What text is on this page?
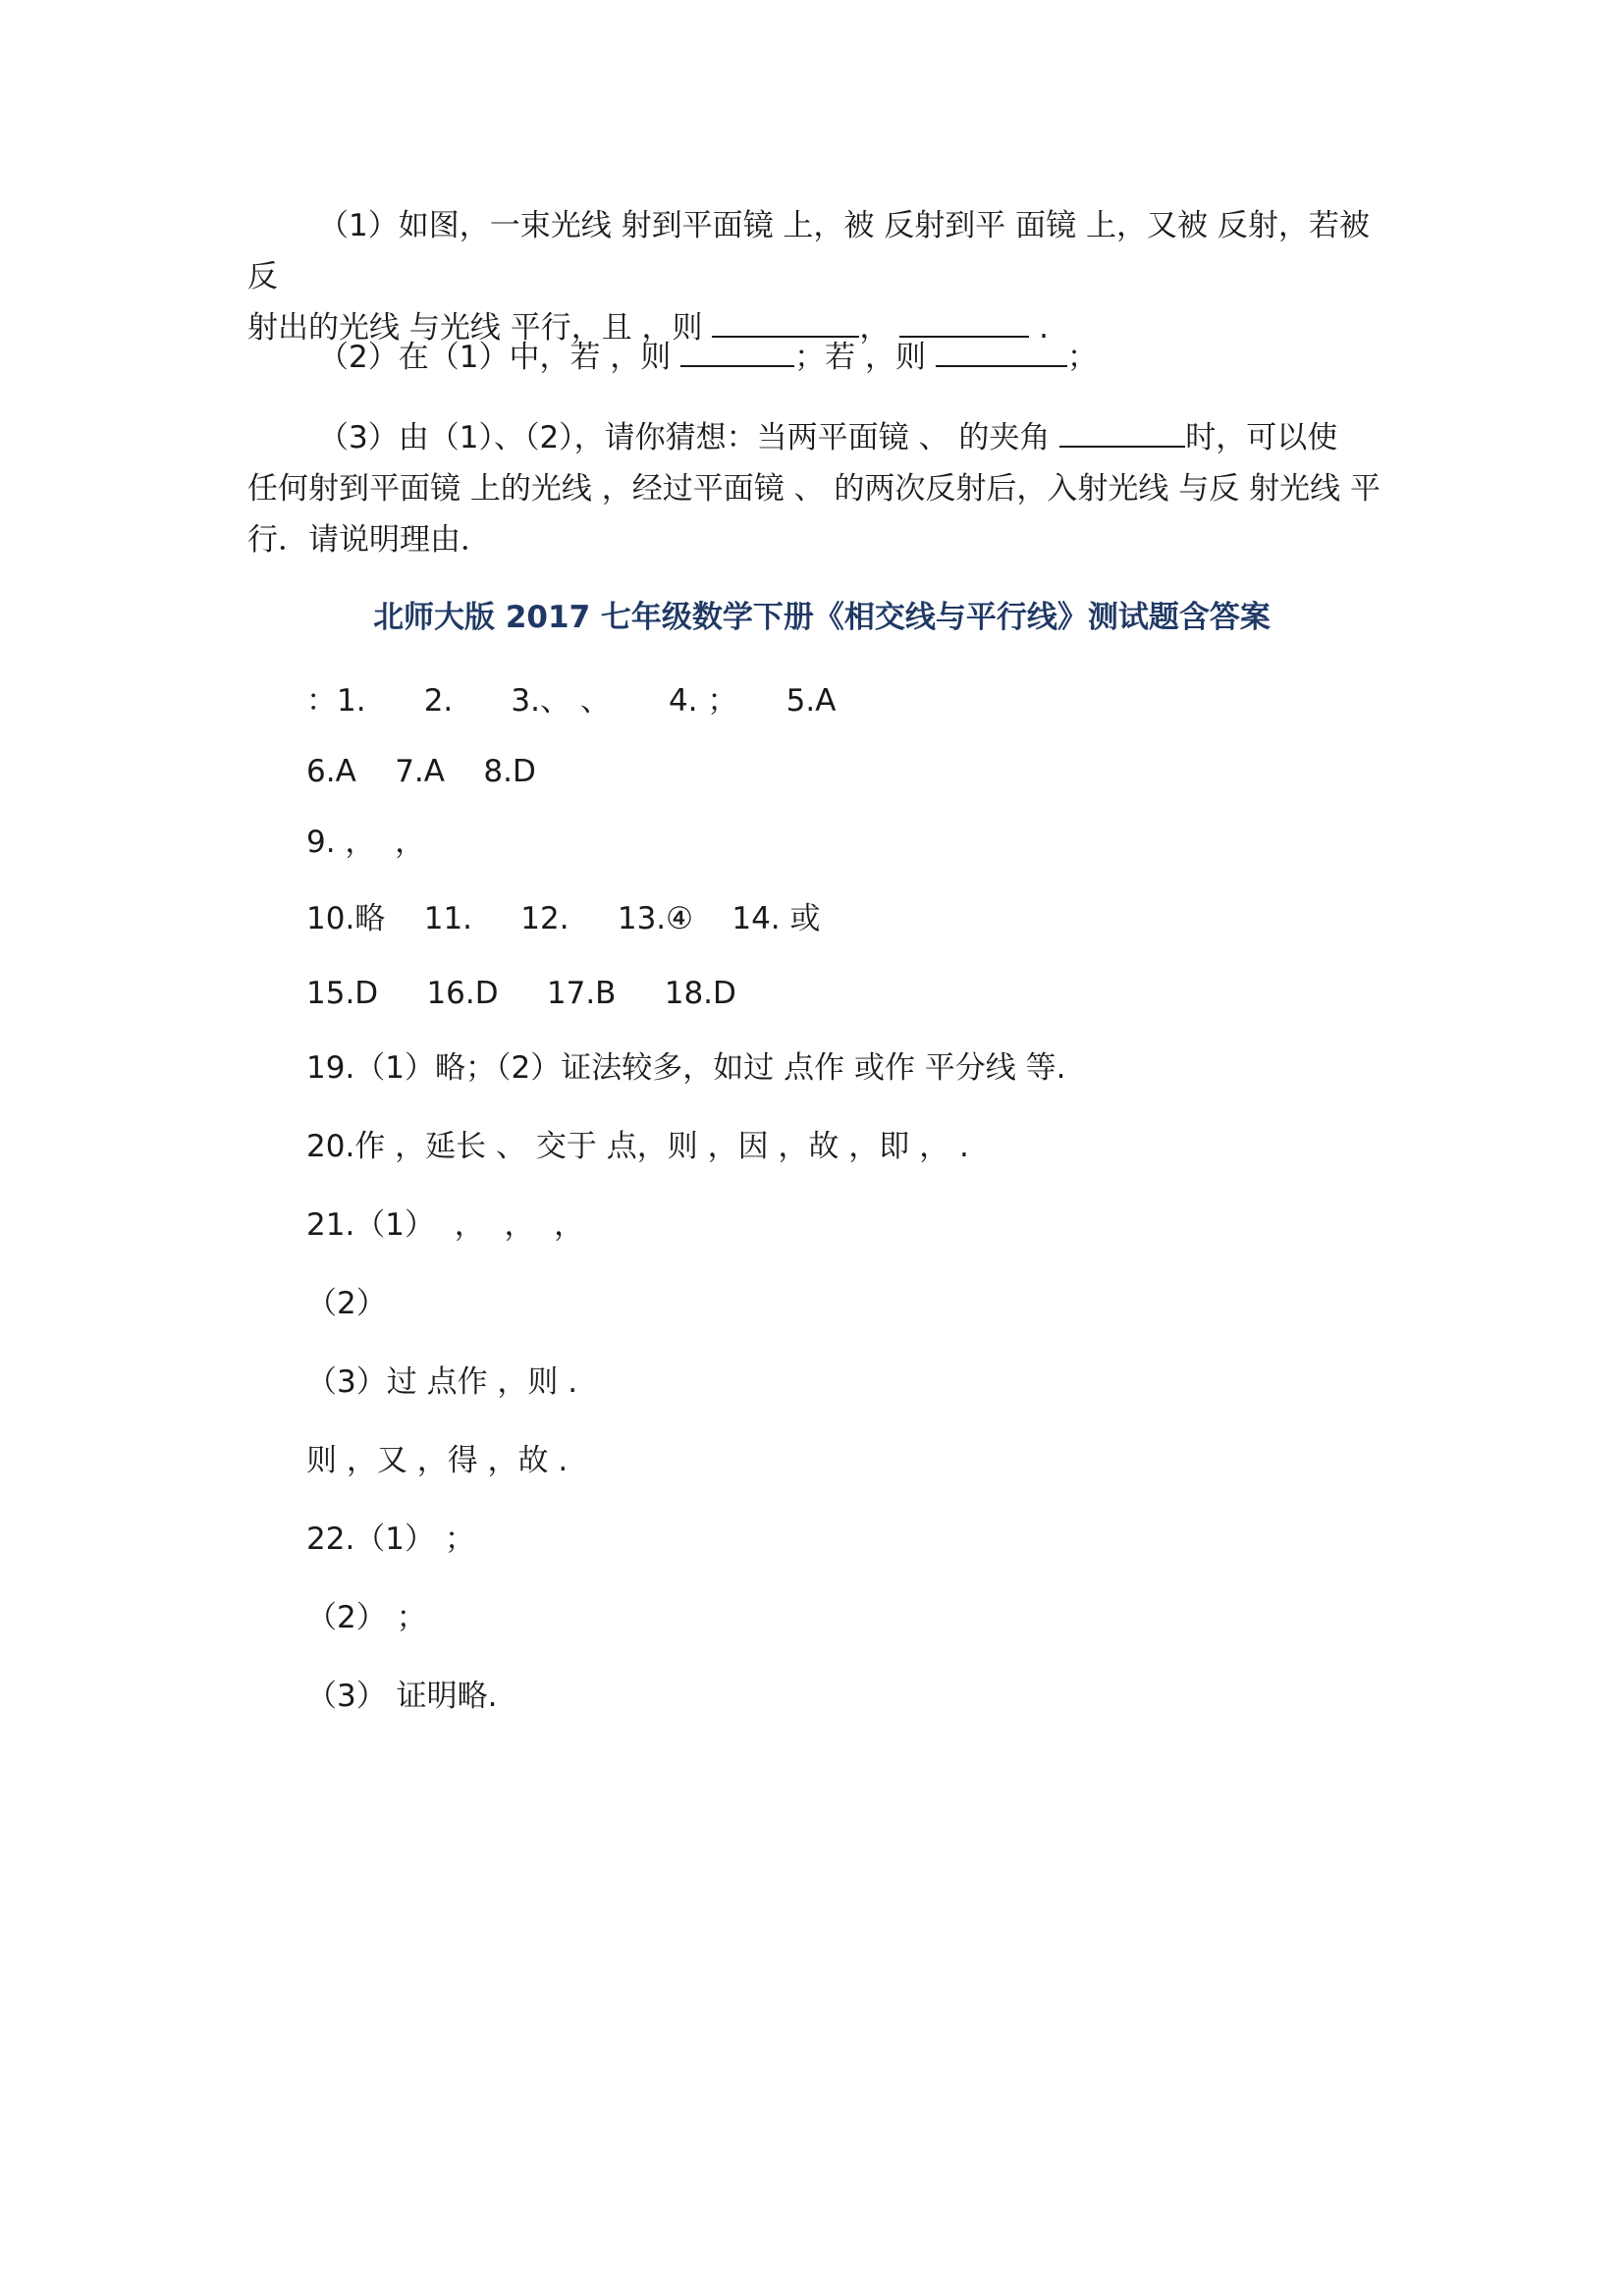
（1）如图，一束光线 射到平面镜 上，被 反射到平 面镜 上，又被 反射，若被 反
射出的光线 与光线 平行，且 ，则	，	.

（2）在（1）中，若 ，则	；若 ，则	；

（3）由（1）、（2），请你猜想：当两平面镜 、 的夹角	时，可以使
任何射到平面镜 上的光线 ，经过平面镜 、 的两次反射后，入射光线 与反 射光线 平
行．请说明理由．

北师大版 2017 七年级数学下册《相交线与平行线》测试题含答案

：1.      2.      3.、 、      4. ；     5.A

6.A    7.A    8.D

9. ，  ，

10.略    11.     12.     13.④    14. 或

15.D     16.D     17.B     18.D

19.（1）略；（2）证法较多，如过 点作 或作 平分线 等.

20.作 ，延长 、 交于 点，则 ，因 ，故 ，即 ， .

21.（1）  ，  ，  ，

（2）

（3）过 点作 ，则 .

则 ，又 ，得 ，故 .

22.（1） ；

（2） ；

（3） 证明略.
